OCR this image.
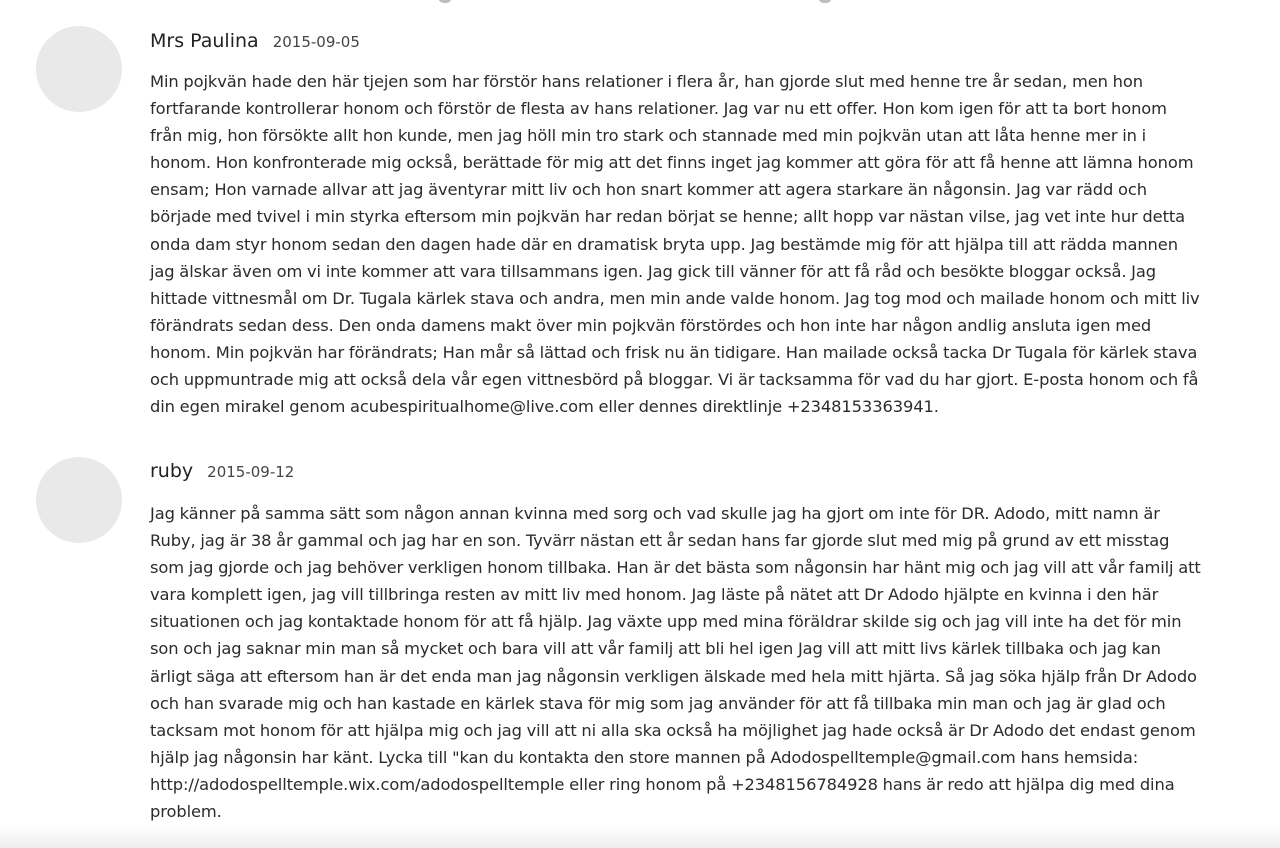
Mrs Paulina 2015-09-05

Min pojkvän hade den här tjejen som har förstör hans relationer i flera år, han gjorde slut med henne tre år sedan, men hon fortfarande kontrollerar honom och förstör de flesta av hans relationer. Jag var nu ett offer. Hon kom igen för att ta bort honom från mig, hon försökte allt hon kunde, men jag höll min tro stark och stannade med min pojkvän utan att låta henne mer in i honom. Hon konfronterade mig också, berättade för mig att det finns inget jag kommer att göra för att få henne att lämna honom ensam; Hon varnade allvar att jag äventyrar mitt liv och hon snart kommer att agera starkare än någonsin. Jag var rädd och började med tvivel i min styrka eftersom min pojkvän har redan börjat se henne; allt hopp var nästan vilse, jag vet inte hur detta onda dam styr honom sedan den dagen hade där en dramatisk bryta upp. Jag bestämde mig för att hjälpa till att rädda mannen jag älskar även om vi inte kommer att vara tillsammans igen. Jag gick till vänner för att få råd och besökte bloggar också. Jag hittade vittnesmål om Dr. Tugala kärlek stava och andra, men min ande valde honom. Jag tog mod och mailade honom och mitt liv förändrats sedan dess. Den onda damens makt över min pojkvän förstördes och hon inte har någon andlig ansluta igen med honom. Min pojkvän har förändrats; Han mår så lättad och frisk nu än tidigare. Han mailade också tacka Dr Tugala för kärlek stava och uppmuntrade mig att också dela vår egen vittnesbörd på bloggar. Vi är tacksamma för vad du har gjort. E-posta honom och få din egen mirakel genom acubespiritualhome@live.com eller dennes direktlinje +2348153363941.

ruby 2015-09-12

Jag känner på samma sätt som någon annan kvinna med sorg och vad skulle jag ha gjort om inte för DR. Adodo, mitt namn är Ruby, jag är 38 år gammal och jag har en son. Tyvärr nästan ett år sedan hans far gjorde slut med mig på grund av ett misstag som jag gjorde och jag behöver verkligen honom tillbaka. Han är det bästa som någonsin har hänt mig och jag vill att vår familj att vara komplett igen, jag vill tillbringa resten av mitt liv med honom. Jag läste på nätet att Dr Adodo hjälpte en kvinna i den här situationen och jag kontaktade honom för att få hjälp. Jag växte upp med mina föräldrar skilde sig och jag vill inte ha det för min son och jag saknar min man så mycket och bara vill att vår familj att bli hel igen Jag vill att mitt livs kärlek tillbaka och jag kan ärligt säga att eftersom han är det enda man jag någonsin verkligen älskade med hela mitt hjärta. Så jag söka hjälp från Dr Adodo och han svarade mig och han kastade en kärlek stava för mig som jag använder för att få tillbaka min man och jag är glad och tacksam mot honom för att hjälpa mig och jag vill att ni alla ska också ha möjlighet jag hade också är Dr Adodo det endast genom hjälp jag någonsin har känt. Lycka till "kan du kontakta den store mannen på Adodospelltemple@gmail.com hans hemsida: http://adodospelltemple.wix.com/adodospelltemple eller ring honom på +2348156784928 hans är redo att hjälpa dig med dina problem.
